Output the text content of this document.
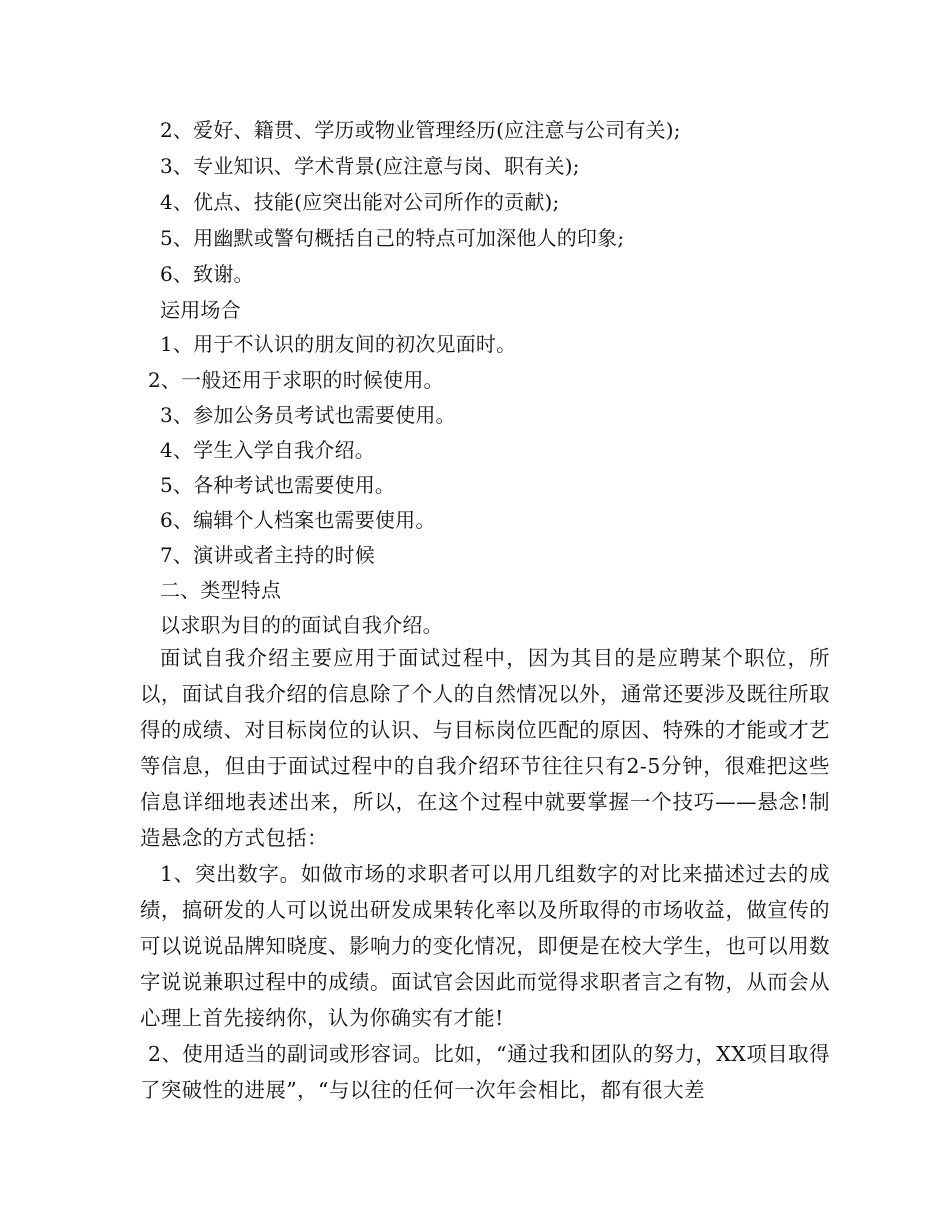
2、爱好、籍贯、学历或物业管理经历(应注意与公司有关);
3、专业知识、学术背景(应注意与岗、职有关);
4、优点、技能(应突出能对公司所作的贡献);
5、用幽默或警句概括自己的特点可加深他人的印象;
6、致谢。
运用场合
1、用于不认识的朋友间的初次见面时。
2、一般还用于求职的时候使用。
3、参加公务员考试也需要使用。
4、学生入学自我介绍。
5、各种考试也需要使用。
6、编辑个人档案也需要使用。
7、演讲或者主持的时候
二、类型特点
以求职为目的的面试自我介绍。
面试自我介绍主要应用于面试过程中，因为其目的是应聘某个职位，所以，面试自我介绍的信息除了个人的自然情况以外，通常还要涉及既往所取得的成绩、对目标岗位的认识、与目标岗位匹配的原因、特殊的才能或才艺等信息，但由于面试过程中的自我介绍环节往往只有2-5分钟，很难把这些信息详细地表述出来，所以，在这个过程中就要掌握一个技巧——悬念!制造悬念的方式包括：
1、突出数字。如做市场的求职者可以用几组数字的对比来描述过去的成绩，搞研发的人可以说出研发成果转化率以及所取得的市场收益，做宣传的可以说说品牌知晓度、影响力的变化情况，即便是在校大学生，也可以用数字说说兼职过程中的成绩。面试官会因此而觉得求职者言之有物，从而会从心理上首先接纳你，认为你确实有才能!
2、使用适当的副词或形容词。比如，“通过我和团队的努力，XX项目取得了突破性的进展”，“与以往的任何一次年会相比，都有很大差
